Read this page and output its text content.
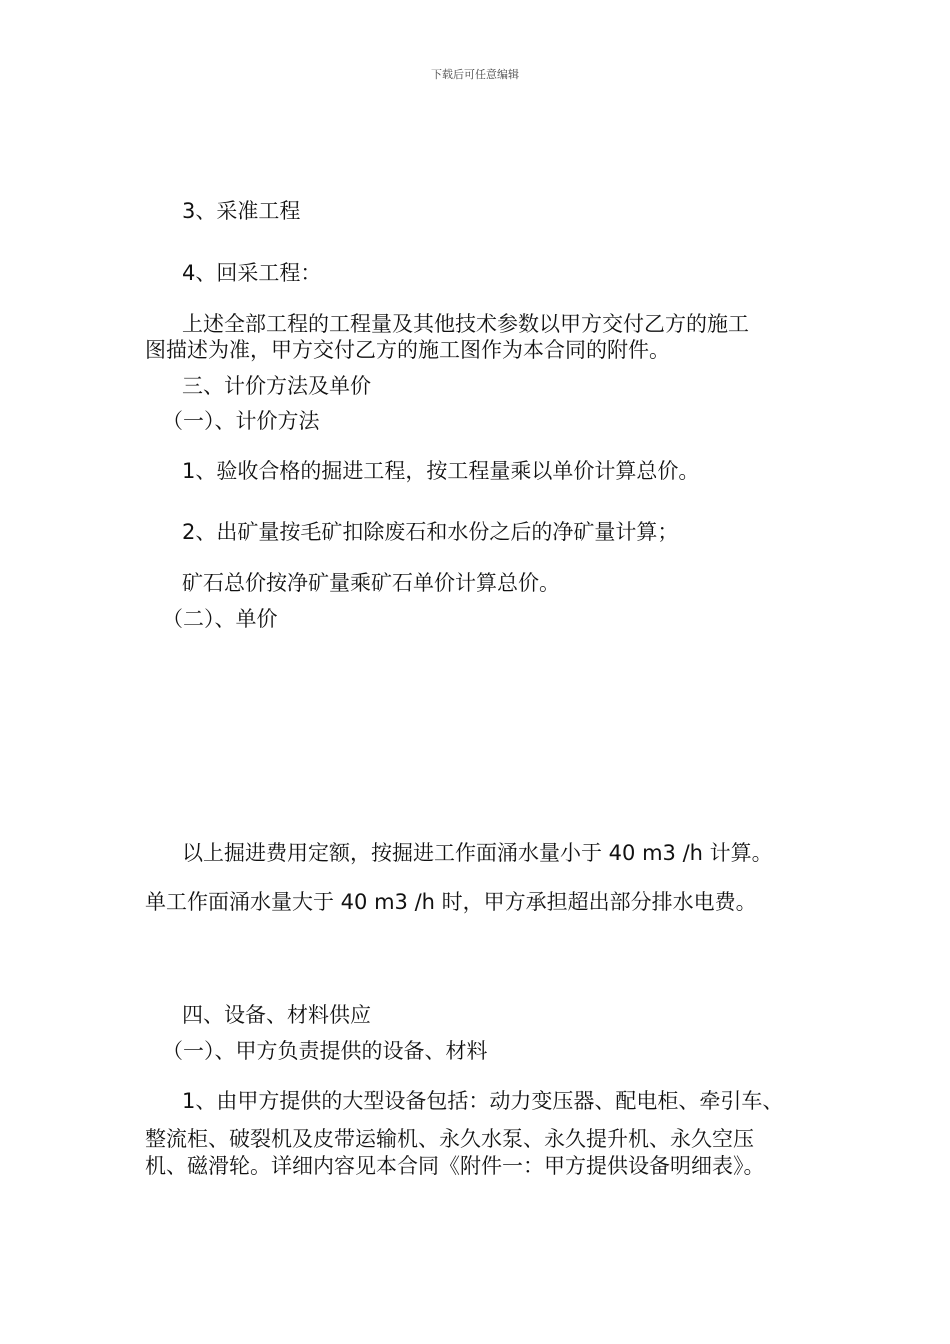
下载后可任意编辑
3、采准工程
4、回采工程：
上述全部工程的工程量及其他技术参数以甲方交付乙方的施工
图描述为准，甲方交付乙方的施工图作为本合同的附件。
三、计价方法及单价
（一）、计价方法
1、验收合格的掘进工程，按工程量乘以单价计算总价。
2、出矿量按毛矿扣除废石和水份之后的净矿量计算；
矿石总价按净矿量乘矿石单价计算总价。
（二）、单价
以上掘进费用定额，按掘进工作面涌水量小于 40 m3 /h 计算。
单工作面涌水量大于 40 m3 /h 时，甲方承担超出部分排水电费。
四、设备、材料供应
（一）、甲方负责提供的设备、材料
1、由甲方提供的大型设备包括：动力变压器、配电柜、牵引车、
整流柜、破裂机及皮带运输机、永久水泵、永久提升机、永久空压
机、磁滑轮。详细内容见本合同《附件一：甲方提供设备明细表》。
